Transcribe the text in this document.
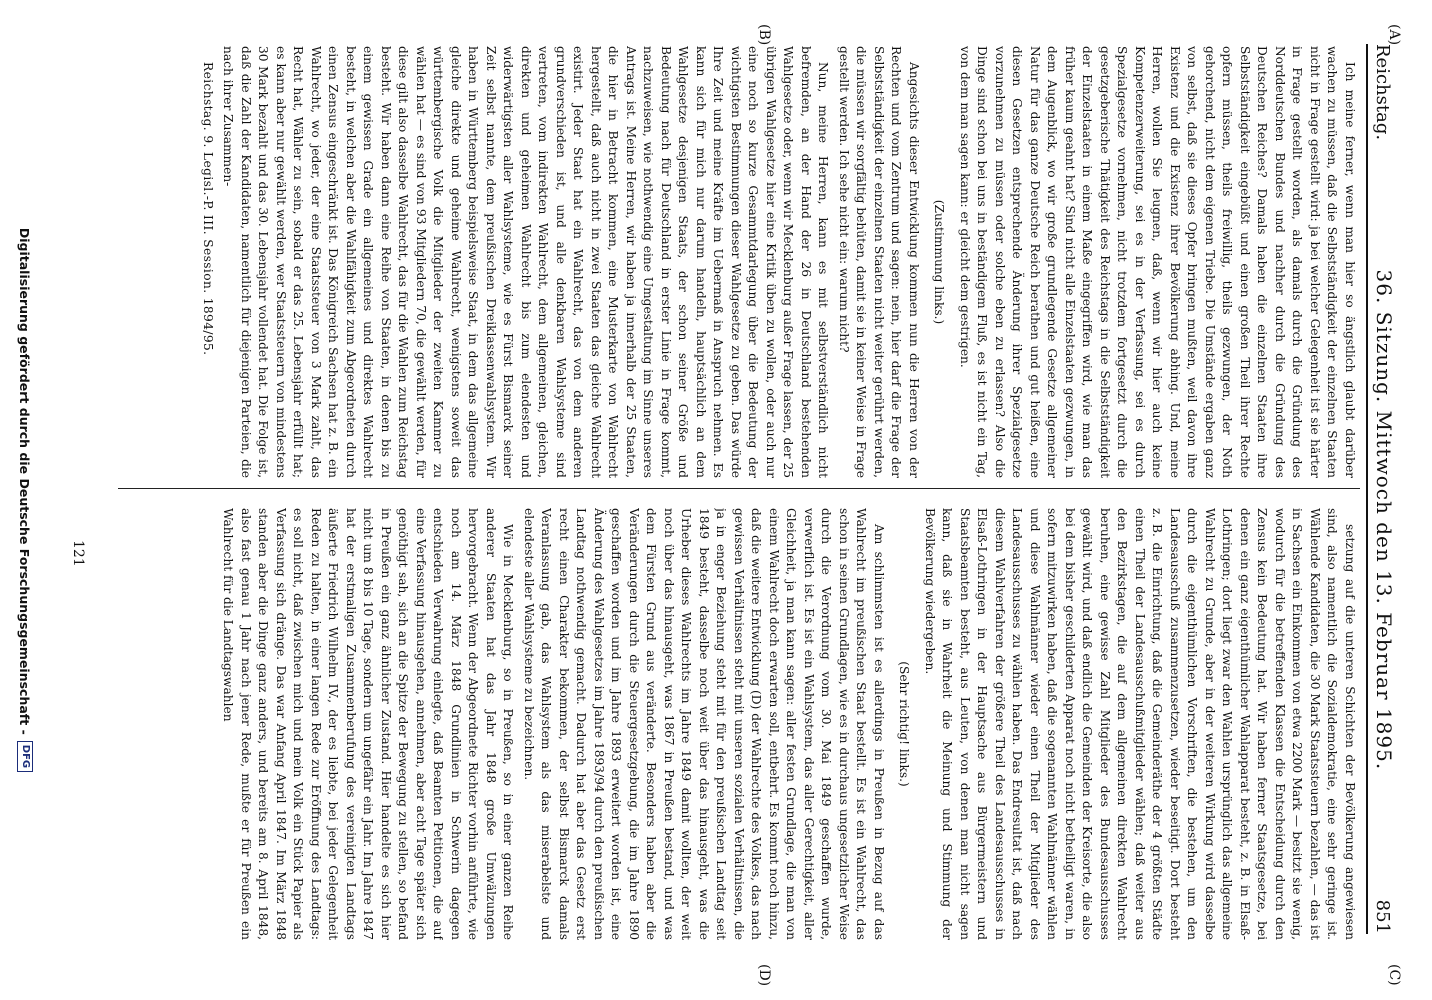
Reichstag.
36. Sitzung. Mittwoch den 13. Februar 1895.
851
(A)
(B)
(C)
(D)

Ich meine ferner, wenn man hier so ängstlich glaubt darüber wachen zu müssen, daß die Selbstständigkeit der einzelnen Staaten nicht in Frage gestellt wird: ja bei welcher Gelegenheit ist sie härter in Frage gestellt worden, als damals durch die Gründung des Norddeutschen Bundes und nachher durch die Gründung des Deutschen Reiches? Damals haben die einzelnen Staaten ihre Selbstständigkeit eingebüßt und einen großen Theil ihrer Rechte opfern müssen, theils freiwillig, theils gezwungen, der Noth gehorchend, nicht dem eigenen Triebe. Die Umstände ergaben ganz von selbst, daß sie dieses Opfer bringen mußten, weil davon ihre Existenz und die Existenz ihrer Bevölkerung abhing. Und, meine Herren, wollen Sie leugnen, daß, wenn wir hier auch keine Kompetenzerweiterung, sei es in der Verfassung, sei es durch Spezialgesetze vornehmen, nicht trotzdem fortgesetzt durch die gesetzgeberische Thätigkeit des Reichstags in die Selbstständigkeit der Einzelstaaten in einem Maße eingegriffen wird, wie man das früher kaum geahnt hat? Sind nicht alle Einzelstaaten gezwungen, in dem Augenblick, wo wir große grundlegende Gesetze allgemeiner Natur für das ganze Deutsche Reich berathen und gut heißen, eine diesen Gesetzen entsprechende Änderung ihrer Spezialgesetze vorzunehmen zu müssen oder solche eben zu erlassen? Also die Dinge sind schon bei uns in beständigem Fluß, es ist nicht ein Tag, von dem man sagen kann: er gleicht dem gestrigen.

(Zustimmung links.)

Angesichts dieser Entwicklung kommen nun die Herren von der Rechten und vom Zentrum und sagen: nein, hier darf die Frage der Selbstständigkeit der einzelnen Staaten nicht weiter gerührt werden, die müssen wir sorgfältig behüten, damit sie in keiner Weise in Frage gestellt werden. Ich sehe nicht ein: warum nicht?

Nun, meine Herren, kann es mit selbstverständlich nicht befremden, an der Hand der 26 in Deutschland bestehenden Wahlgesetze oder, wenn wir Mecklenburg außer Frage lassen, der 25 übrigen Wahlgesetze hier eine Kritik üben zu wollen, oder auch nur eine noch so kurze Gesammtdarlegung über die Bedeutung der wichtigsten Bestimmungen dieser Wahlgesetze zu geben. Das würde Ihre Zeit und meine Kräfte im Uebermaß in Anspruch nehmen. Es kann sich für mich nur darum handeln, hauptsächlich an dem Wahlgesetze desjenigen Staats, der schon seiner Größe und Bedeutung nach für Deutschland in erster Linie in Frage kommt, nachzuweisen, wie nothwendig eine Umgestaltung im Sinne unseres Antrags ist. Meine Herren, wir haben ja innerhalb der 25 Staaten, die hier in Betracht kommen, eine Musterkarte von Wahlrecht hergestellt, daß auch nicht in zwei Staaten das gleiche Wahlrecht existirt. Jeder Staat hat ein Wahlrecht, das von dem anderen grundverschieden ist, und alle denkbaren Wahlsysteme sind vertreten, vom indirekten Wahlrecht, dem allgemeinen, gleichen, direkten und geheimen Wahlrecht bis zum elendesten und widerwärtigsten aller Wahlsysteme, wie es Fürst Bismarck seiner Zeit selbst nannte, dem preußischen Dreiklassenwahlsystem. Wir haben in Württemberg beispielsweise Staat, in dem das allgemeine gleiche direkte und geheime Wahlrecht, wenigstens soweit das württembergische Volk die Mitglieder der zweiten Kammer zu wählen hat — es sind von 93 Mitgliedern 70, die gewählt werden, für diese gilt also dasselbe Wahlrecht, das für die Wahlen zum Reichstag besteht. Wir haben dann eine Reihe von Staaten, in denen bis zu einem gewissen Grade ein allgemeines und direktes Wahlrecht besteht, in welchen aber die Wahlfähigkeit zum Abgeordneten durch einen Zensus eingeschränkt ist. Das Königreich Sachsen hat z. B. ein Wahlrecht, wo jeder, der eine Staatssteuer von 3 Mark zahlt, das Recht hat, Wähler zu sein, sobald er das 25. Lebensjahr erfüllt hat; es kann aber nur gewählt werden, wer Staatssteuern von mindestens 30 Mark bezahlt und das 30. Lebensjahr vollendet hat. Die Folge ist, daß die Zahl der Kandidaten, namentlich für diejenigen Parteien, die nach ihrer Zusammen-

Reichstag. 9. Legisl.-P. III. Session. 1894/95.

setzung auf die unteren Schichten der Bevölkerung angewiesen sind, also namentlich die Sozialdemokratie, eine sehr geringe ist. Wählende Kandidaten, die 30 Mark Staatssteuern bezahlen, — das ist in Sachsen ein Einkommen von etwa 2200 Mark — besitzt sie wenig, wodurch für die betreffenden Klassen die Entscheidung durch den Zensus kein Bedeutung hat. Wir haben ferner Staatsgesetze, bei denen ein ganz eigenthümlicher Wahlapparat besteht, z. B. in Elsaß-Lothringen; dort liegt zwar den Wahlen ursprünglich das allgemeine Wahlrecht zu Grunde, aber in der weiteren Wirkung wird dasselbe durch die eigenthümlichen Vorschriften, die bestehen, um den Landesausschuß zusammenzusetzen, wieder beseitigt. Dort besteht z. B. die Einrichtung, daß die Gemeinderäthe der 4 größten Städte einen Theil der Landesausschußmitglieder wählen; daß weiter aus den Bezirkstagen, die auf dem allgemeinen direkten Wahlrecht beruhen, eine gewisse Zahl Mitglieder des Bundesausschusses gewählt wird, und daß endlich die Gemeinden der Kreisorte, die also bei dem bisher geschilderten Apparat noch nicht betheiligt waren, in sofern mitzuwirken haben, daß die sogenannten Wahlmänner wählen und diese Wahlmänner wieder einen Theil der Mitglieder des Landesausschusses zu wählen haben. Das Endresultat ist, daß nach diesem Wahlverfahren der größere Theil des Landesausschusses in Elsaß-Lothringen in der Hauptsache aus Bürgermeistern und Staatsbeamten besteht, aus Leuten, von denen man nicht sagen kann, daß sie in Wahrheit die Meinung und Stimmung der Bevölkerung wiedergeben.

(Sehr richtig! links.)

Am schlimmsten ist es allerdings in Preußen in Bezug auf das Wahlrecht im preußischen Staat bestellt. Es ist ein Wahlrecht, das schon in seinen Grundlagen, wie es in durchaus ungesetzlicher Weise durch die Verordnung vom 30. Mai 1849 geschaffen wurde, verwerflich ist. Es ist ein Wahlsystem, das aller Gerechtigkeit, aller Gleichheit, ja man kann sagen: aller festen Grundlage, die man von einem Wahlrecht doch erwarten soll, entbehrt. Es kommt noch hinzu, daß die weitere Entwicklung (D) der Wahlrechte des Volkes, das nach gewissen Verhältnissen steht mit unseren sozialen Verhältnissen, die ja in enger Beziehung steht mit für den preußischen Landtag seit 1849 besteht, dasselbe noch weit über das hinausgeht, was die Urheber dieses Wahlrechts im Jahre 1849 damit wollten, der weit noch über das hinausgeht, was 1867 in Preußen bestand, und was dem Fürsten Grund aus veränderte. Besonders haben aber die Veränderungen durch die Steuergesetzgebung, die im Jahre 1890 geschaffen worden und im Jahre 1893 erweitert worden ist, eine Änderung des Wahlgesetzes im Jahre 1893/94 durch den preußischen Landtag nothwendig gemacht. Dadurch hat aber das Gesetz erst recht einen Charakter bekommen, der selbst Bismarck damals Veranlassung gab, das Wahlsystem als das miserabelste und elendeste aller Wahlsysteme zu bezeichnen.

Wie in Mecklenburg, so in Preußen, so in einer ganzen Reihe anderer Staaten hat das Jahr 1848 große Umwälzungen hervorgebracht. Wenn der Abgeordnete Richter vorhin anführte, wie noch am 14. März 1848 Grundlinien in Schwerin dagegen entschieden Verwahrung einlegte, daß Beamten Petitionen, die auf eine Verfassung hinausgehen, annehmen, aber acht Tage später sich genöthigt sah, sich an die Spitze der Bewegung zu stellen, so befand in Preußen ein ganz ähnlicher Zustand. Hier handelte es sich hier nicht um 8 bis 10 Tage, sondern um ungefähr ein Jahr. Im Jahre 1847 hat der erstmaligen Zusammenberufung des vereinigten Landtags äußerte Friedrich Wilhelm IV., der es liebte, bei jeder Gelegenheit Reden zu halten, in einer langen Rede zur Eröffnung des Landtags: es soll nicht, daß zwischen mich und mein Volk ein Stück Papier als Verfassung sich dränge. Das war Anfang April 1847. Im März 1848 standen aber die Dinge ganz anders, und bereits am 8. April 1848, also fast genau 1 Jahr nach jener Rede, mußte er für Preußen ein Wahlrecht für die Landtagswahlen

121
Digitalisierung gefördert durch die Deutsche Forschungsgemeinschaft -
DFG
